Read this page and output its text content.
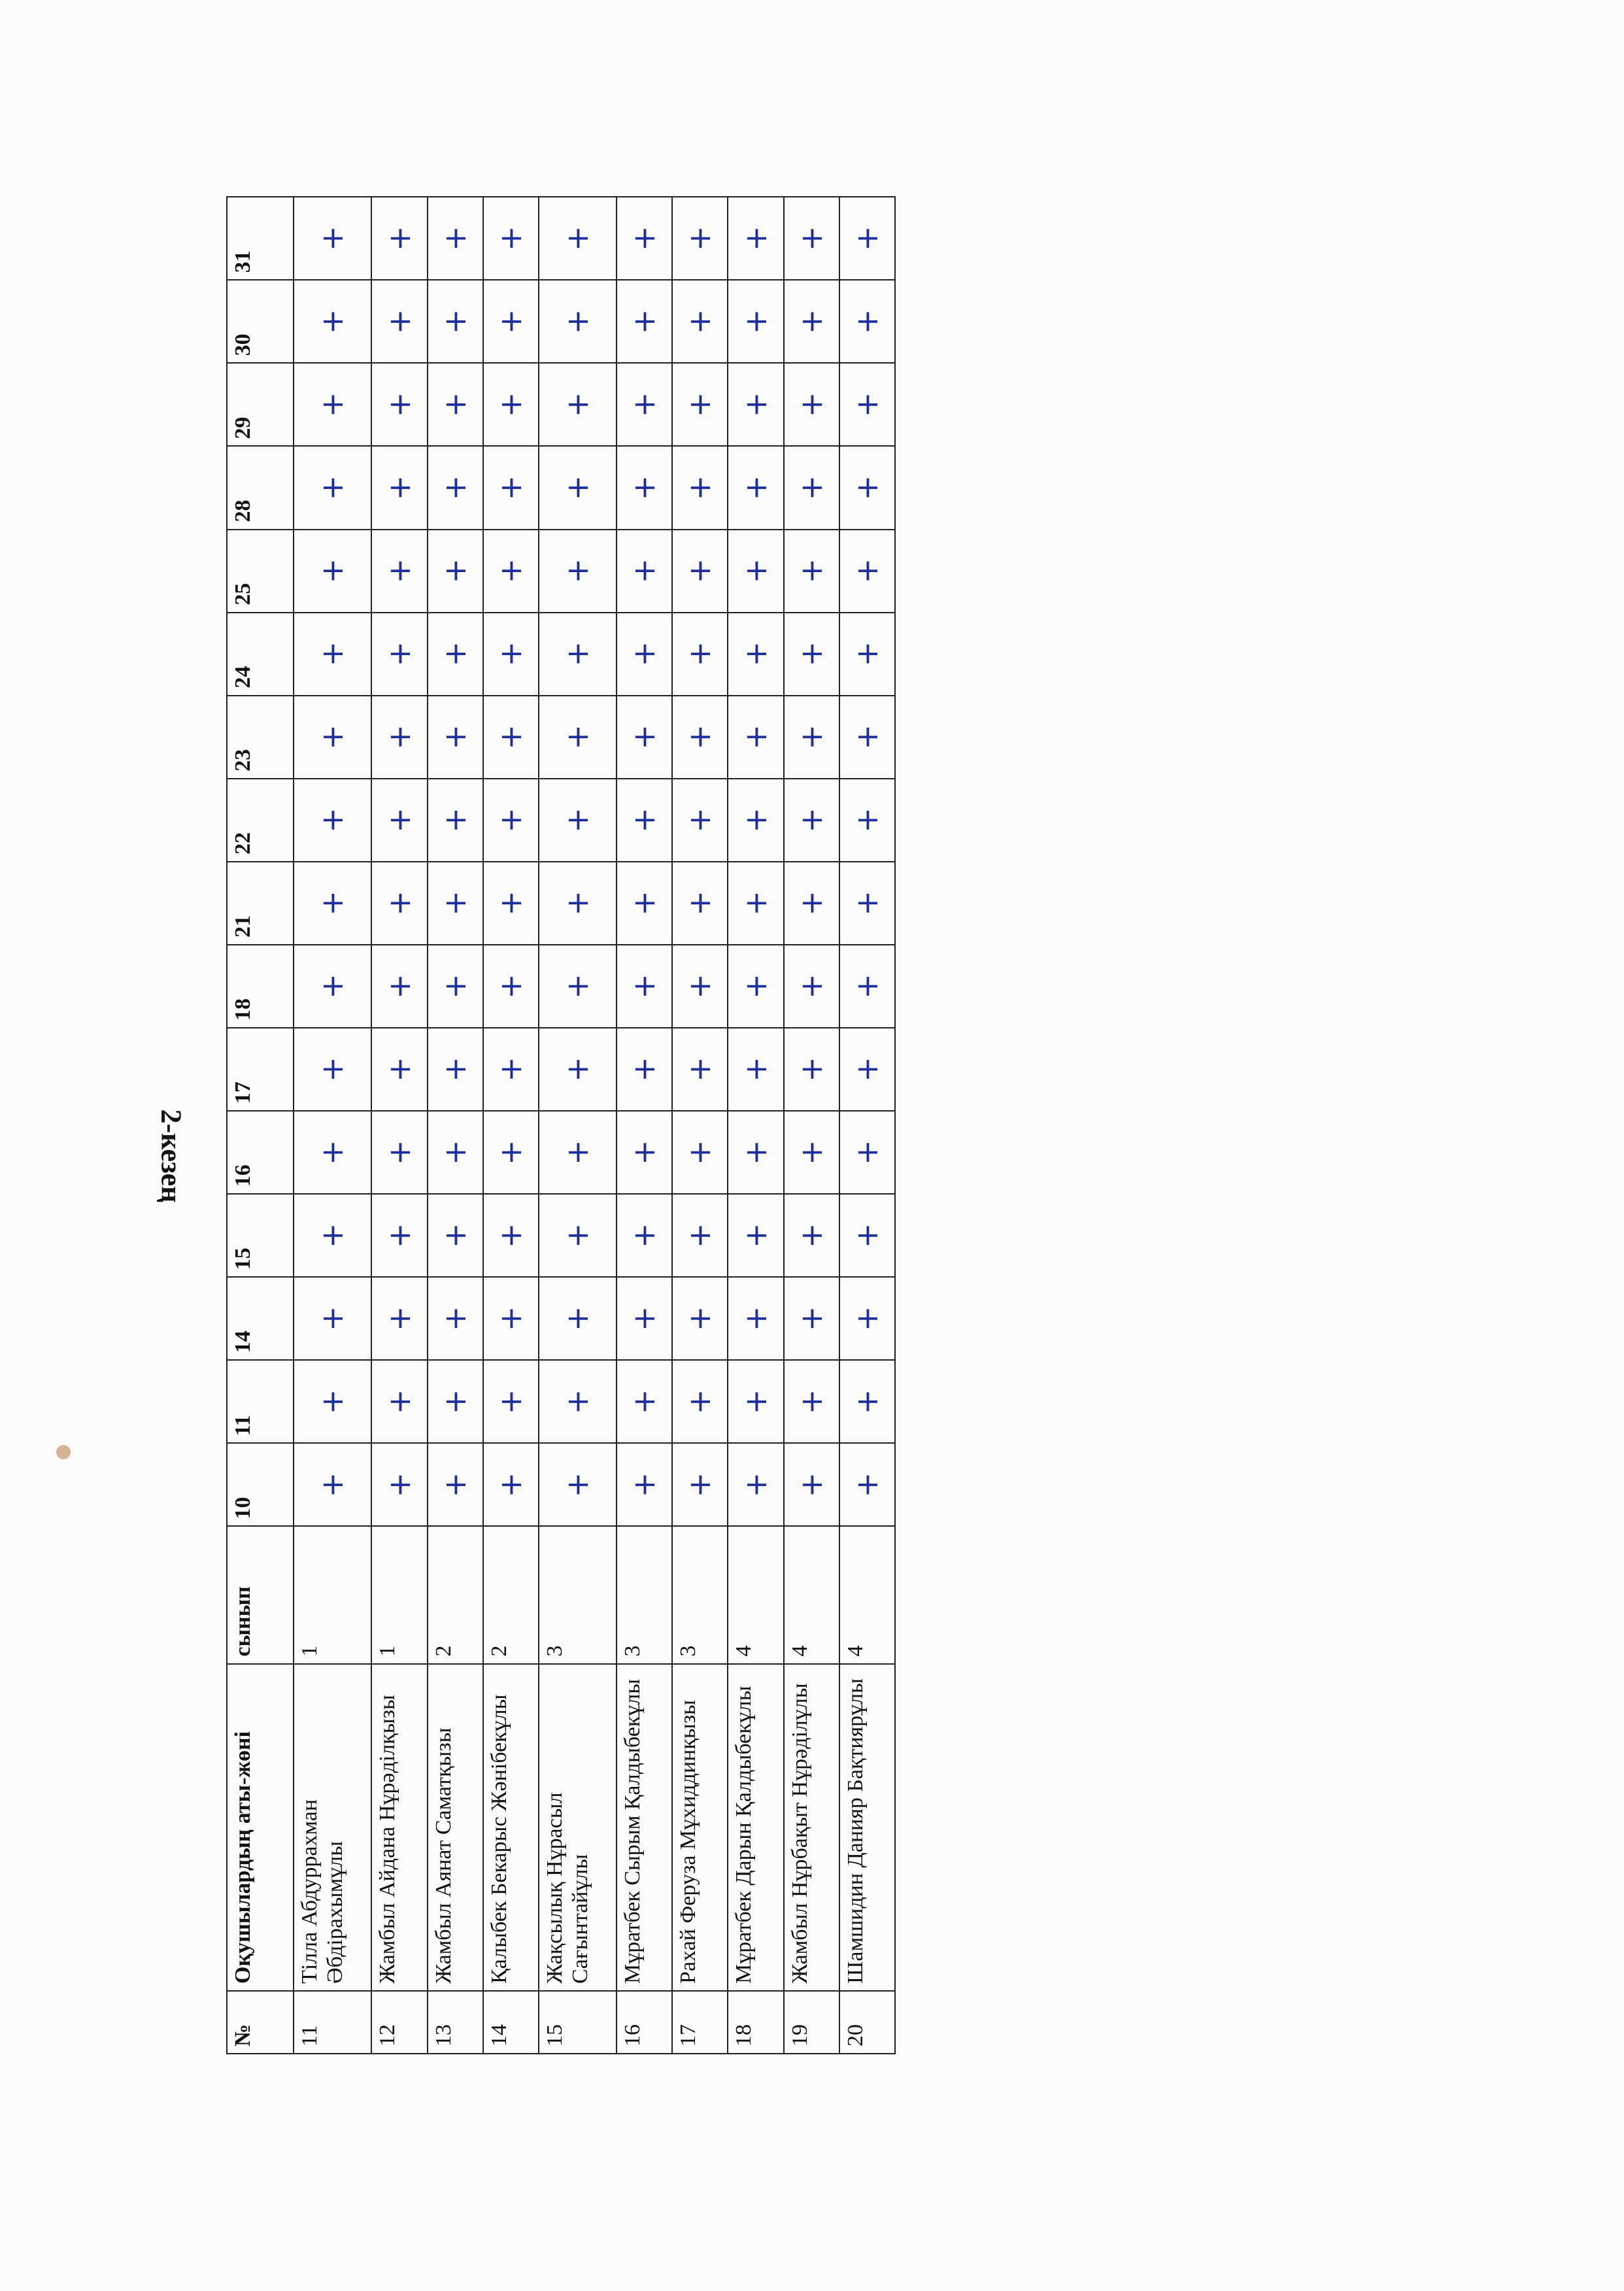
2-кезең
№	Оқушылардың аты-жөні	сынып	10	11	14	15	16	17	18	21	22	23	24	25	28	29	30	31
11	Тілла Абдуррахман Әбдірахымұлы	1	+	+	+	+	+	+	+	+	+	+	+	+	+	+	+	+
12	Жамбыл Айдана Нұрәділқызы	1	+	+	+	+	+	+	+	+	+	+	+	+	+	+	+	+
13	Жамбыл Аянат Саматқызы	2	+	+	+	+	+	+	+	+	+	+	+	+	+	+	+	+
14	Қалыбек Бекарыс Жәнібекұлы	2	+	+	+	+	+	+	+	+	+	+	+	+	+	+	+	+
15	Жақсылық Нұрасыл Сағынтайұлы	3	+	+	+	+	+	+	+	+	+	+	+	+	+	+	+	+
16	Мұратбек Сырым Қалдыбекұлы	3	+	+	+	+	+	+	+	+	+	+	+	+	+	+	+	+
17	Рахай Феруза Мұхиддинқызы	3	+	+	+	+	+	+	+	+	+	+	+	+	+	+	+	+
18	Мұратбек Дарын Қалдыбекұлы	4	+	+	+	+	+	+	+	+	+	+	+	+	+	+	+	+
19	Жамбыл Нұрбақыт Нұрәділұлы	4	+	+	+	+	+	+	+	+	+	+	+	+	+	+	+	+
20	Шамшидин Данияр Бақтиярұлы	4	+	+	+	+	+	+	+	+	+	+	+	+	+	+	+	+
